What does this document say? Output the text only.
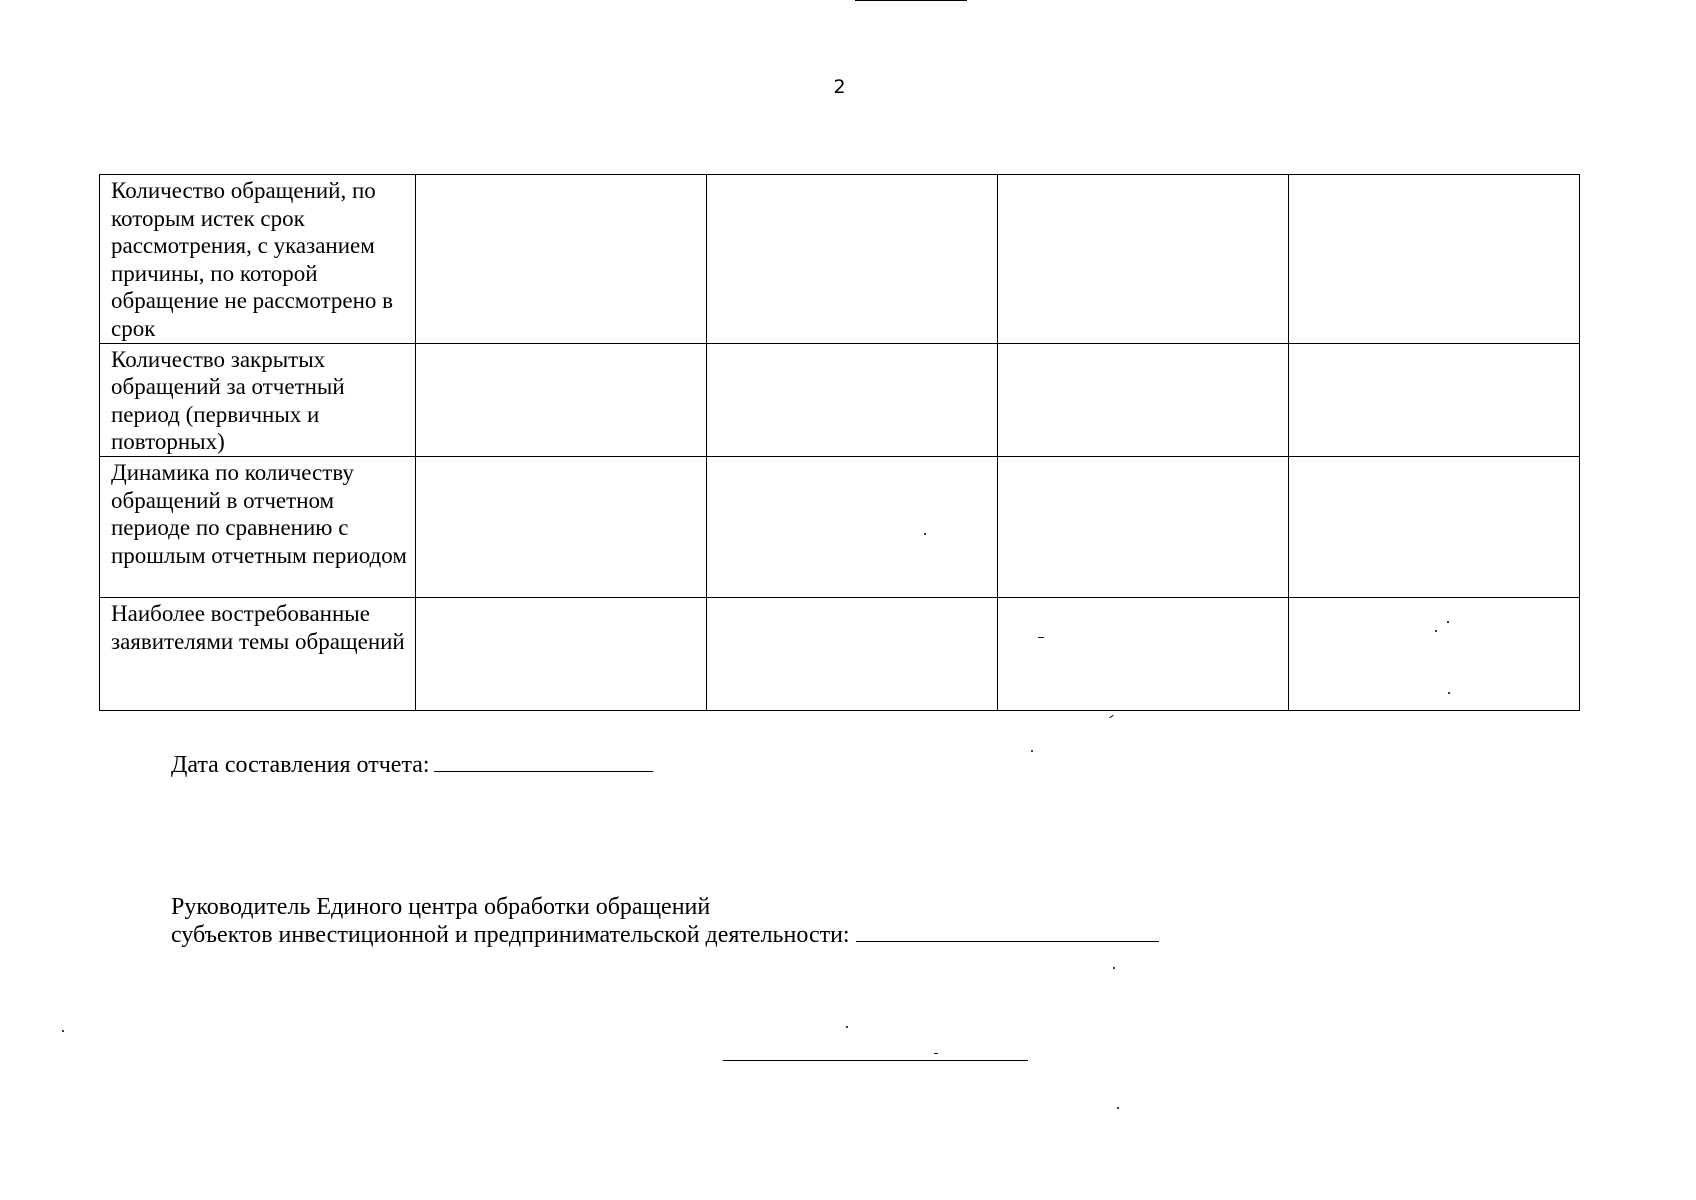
2
Количество обращений, по которым истек срок рассмотрения, с указанием причины, по которой обращение не рассмотрено в срок				
Количество закрытых обращений за отчетный период (первичных и повторных)				
Динамика по количеству обращений в отчетном периоде по сравнению с прошлым отчетным периодом				
Наиболее востребованные заявителями темы обращений				
Дата составления отчета:
Руководитель Единого центра обработки обращений
субъектов инвестиционной и предпринимательской деятельности:
